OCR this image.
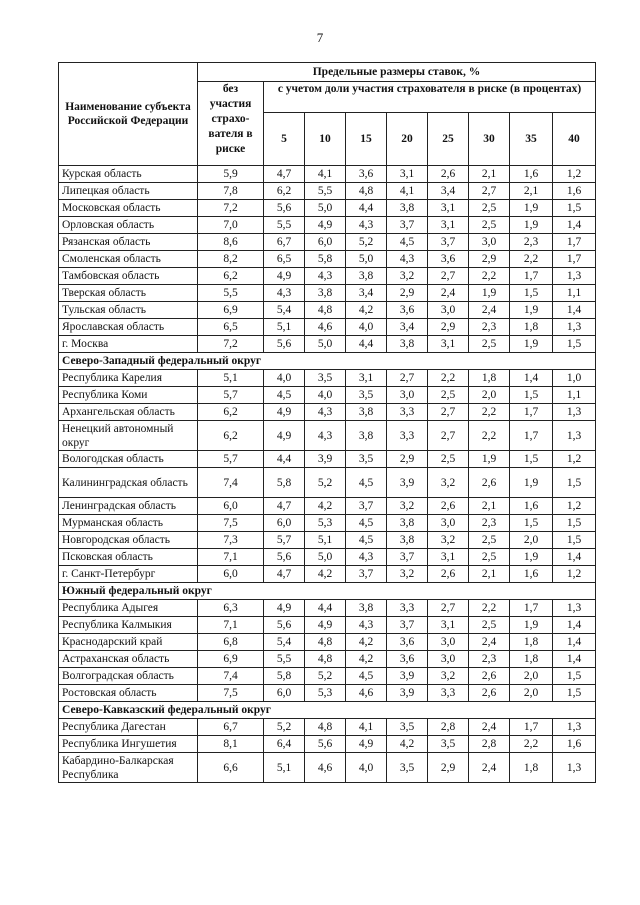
7
Наименование субъекта Российской Федерации	Предельные размеры ставок, %								
	без участия страхо-вателя в риске	с учетом доли участия страхователя в риске (в процентах)							
		5	10	15	20	25	30	35	40
Курская область	5,9	4,7	4,1	3,6	3,1	2,6	2,1	1,6	1,2
Липецкая область	7,8	6,2	5,5	4,8	4,1	3,4	2,7	2,1	1,6
Московская область	7,2	5,6	5,0	4,4	3,8	3,1	2,5	1,9	1,5
Орловская область	7,0	5,5	4,9	4,3	3,7	3,1	2,5	1,9	1,4
Рязанская область	8,6	6,7	6,0	5,2	4,5	3,7	3,0	2,3	1,7
Смоленская область	8,2	6,5	5,8	5,0	4,3	3,6	2,9	2,2	1,7
Тамбовская область	6,2	4,9	4,3	3,8	3,2	2,7	2,2	1,7	1,3
Тверская область	5,5	4,3	3,8	3,4	2,9	2,4	1,9	1,5	1,1
Тульская область	6,9	5,4	4,8	4,2	3,6	3,0	2,4	1,9	1,4
Ярославская область	6,5	5,1	4,6	4,0	3,4	2,9	2,3	1,8	1,3
г. Москва	7,2	5,6	5,0	4,4	3,8	3,1	2,5	1,9	1,5
Северо-Западный федеральный округ									
Республика Карелия	5,1	4,0	3,5	3,1	2,7	2,2	1,8	1,4	1,0
Республика Коми	5,7	4,5	4,0	3,5	3,0	2,5	2,0	1,5	1,1
Архангельская область	6,2	4,9	4,3	3,8	3,3	2,7	2,2	1,7	1,3
Ненецкий автономный округ	6,2	4,9	4,3	3,8	3,3	2,7	2,2	1,7	1,3
Вологодская область	5,7	4,4	3,9	3,5	2,9	2,5	1,9	1,5	1,2
Калининградская область	7,4	5,8	5,2	4,5	3,9	3,2	2,6	1,9	1,5
Ленинградская область	6,0	4,7	4,2	3,7	3,2	2,6	2,1	1,6	1,2
Мурманская область	7,5	6,0	5,3	4,5	3,8	3,0	2,3	1,5	1,5
Новгородская область	7,3	5,7	5,1	4,5	3,8	3,2	2,5	2,0	1,5
Псковская область	7,1	5,6	5,0	4,3	3,7	3,1	2,5	1,9	1,4
г. Санкт-Петербург	6,0	4,7	4,2	3,7	3,2	2,6	2,1	1,6	1,2
Южный федеральный округ									
Республика Адыгея	6,3	4,9	4,4	3,8	3,3	2,7	2,2	1,7	1,3
Республика Калмыкия	7,1	5,6	4,9	4,3	3,7	3,1	2,5	1,9	1,4
Краснодарский край	6,8	5,4	4,8	4,2	3,6	3,0	2,4	1,8	1,4
Астраханская область	6,9	5,5	4,8	4,2	3,6	3,0	2,3	1,8	1,4
Волгоградская область	7,4	5,8	5,2	4,5	3,9	3,2	2,6	2,0	1,5
Ростовская область	7,5	6,0	5,3	4,6	3,9	3,3	2,6	2,0	1,5
Северо-Кавказский федеральный округ									
Республика Дагестан	6,7	5,2	4,8	4,1	3,5	2,8	2,4	1,7	1,3
Республика Ингушетия	8,1	6,4	5,6	4,9	4,2	3,5	2,8	2,2	1,6
Кабардино-Балкарская Республика	6,6	5,1	4,6	4,0	3,5	2,9	2,4	1,8	1,3
